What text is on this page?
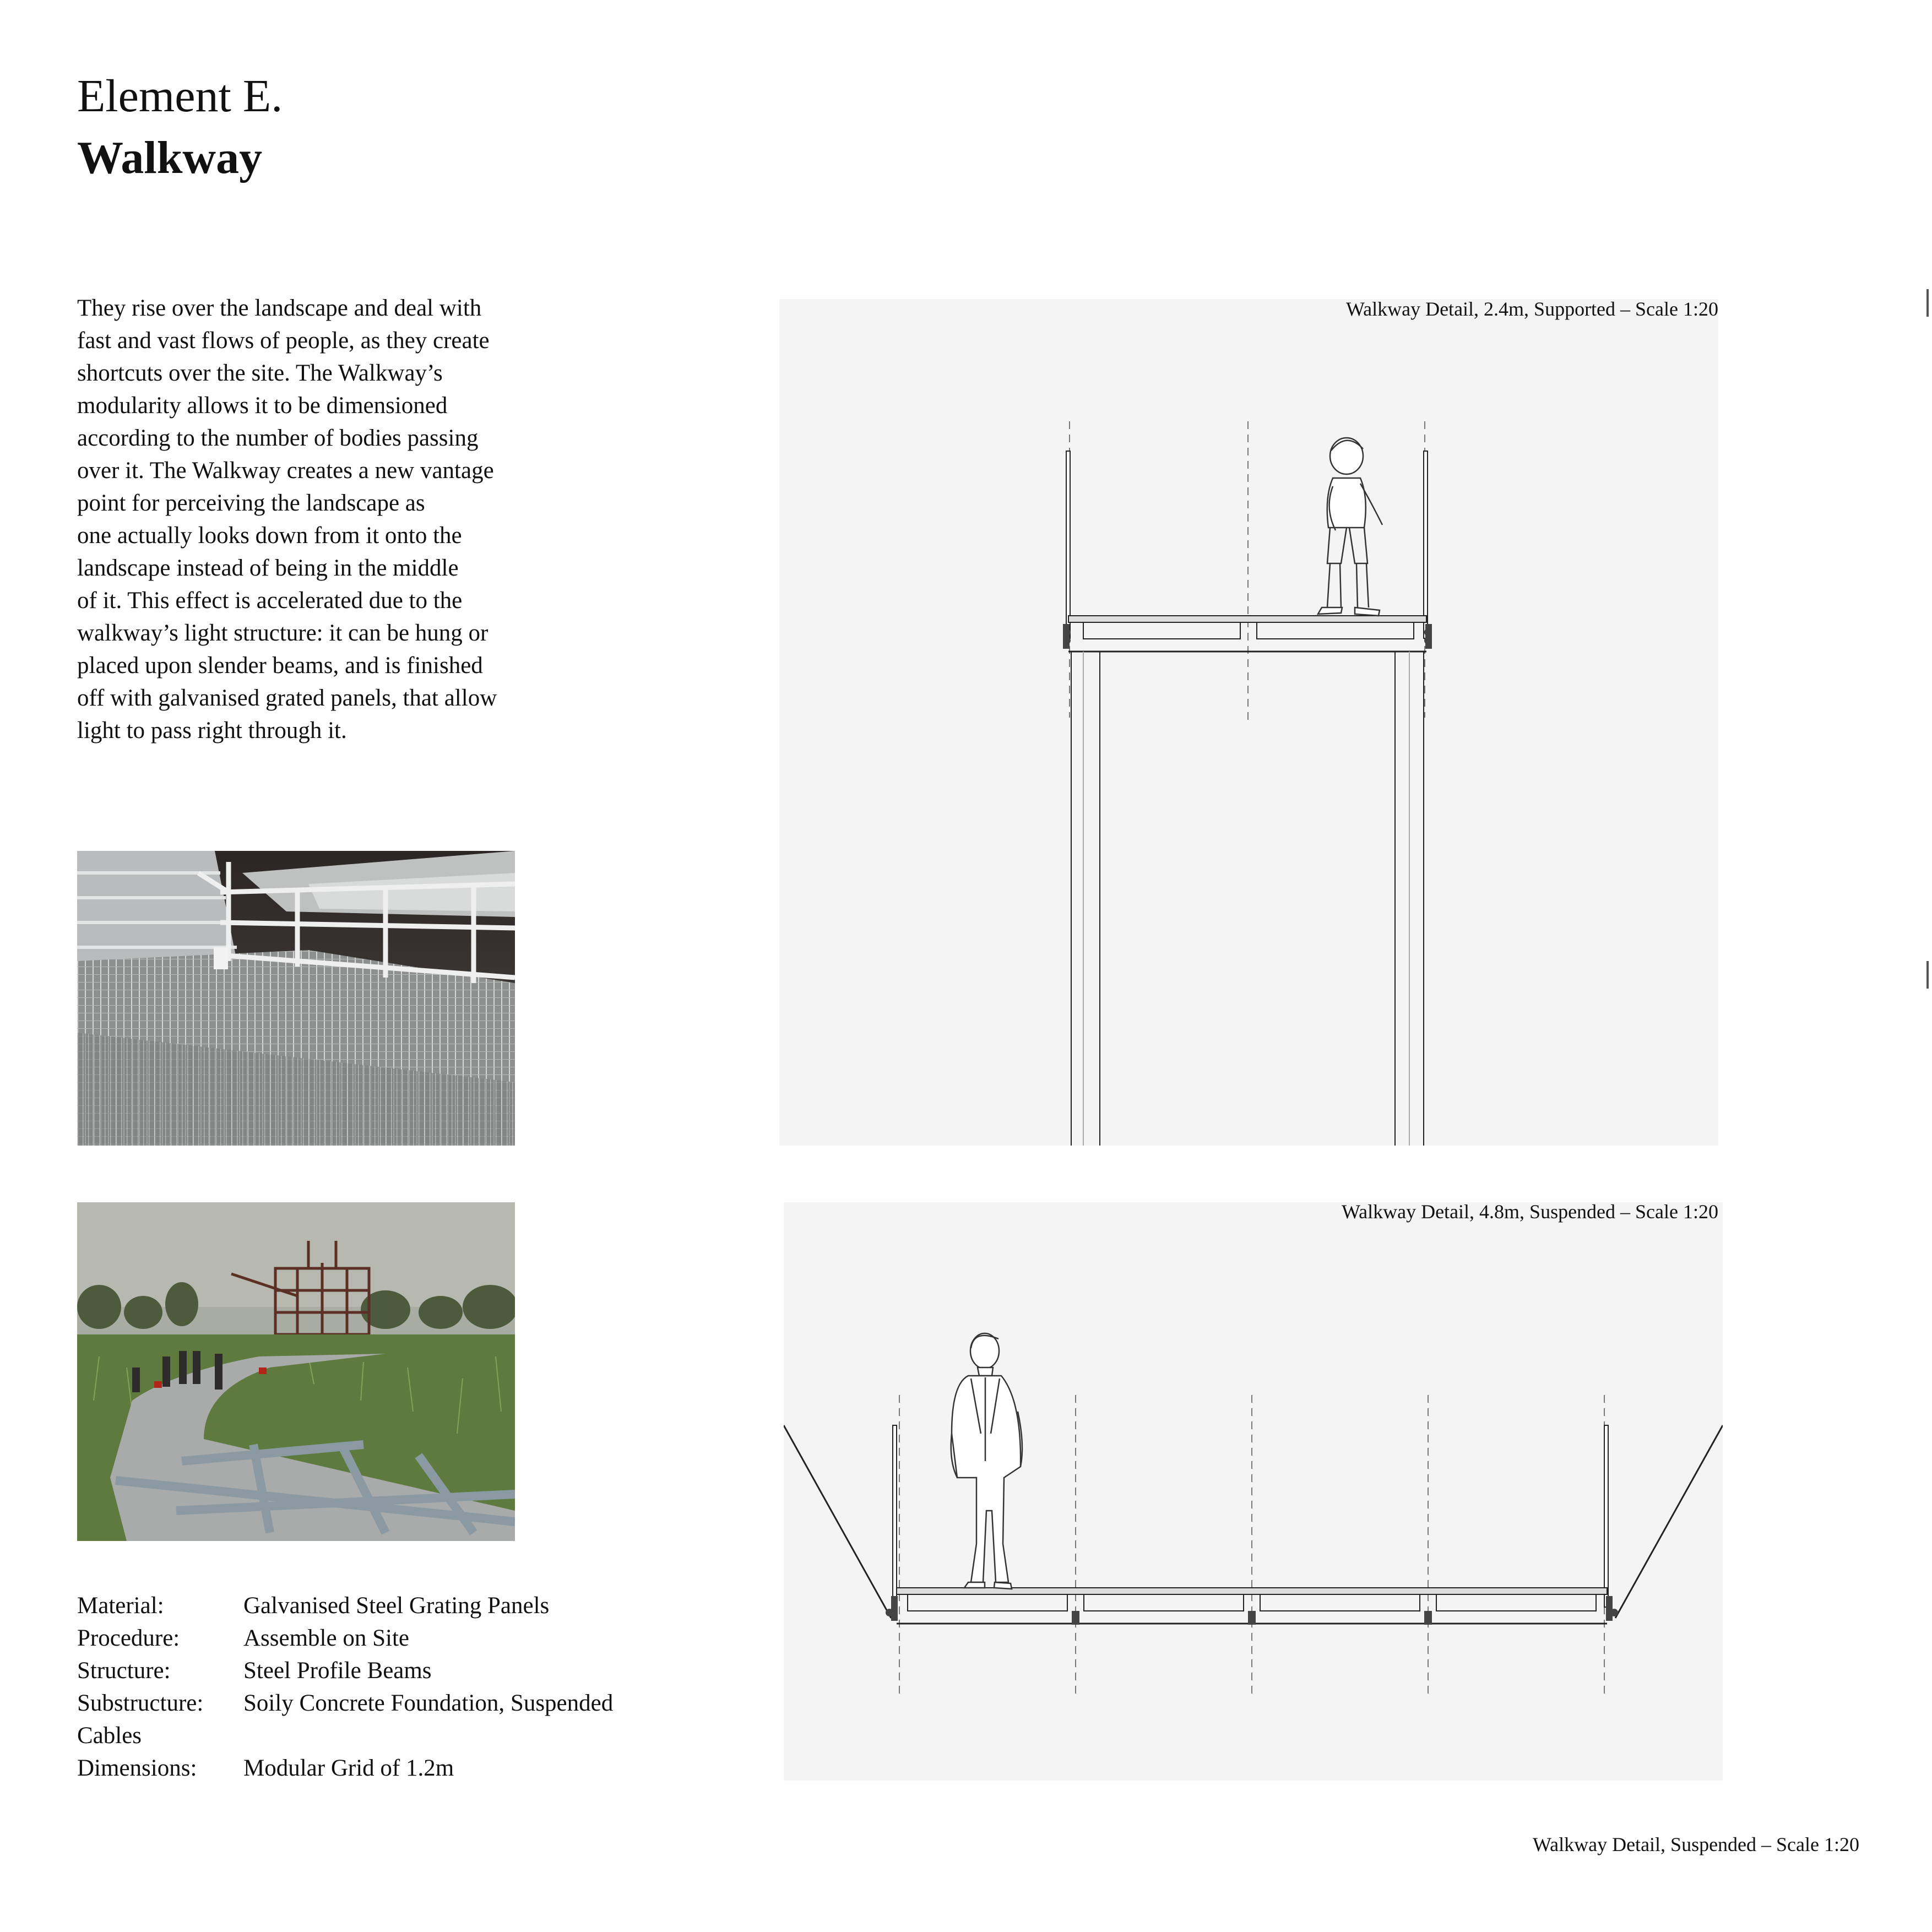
Element E.
Walkway
They rise over the landscape and deal with
fast and vast flows of people, as they create
shortcuts over the site. The Walkway’s
modularity allows it to be dimensioned
according to the number of bodies passing
over it. The Walkway creates a new vantage
point for perceiving the landscape as
one actually looks down from it onto the
landscape instead of being in the middle
of it. This effect is accelerated due to the
walkway’s light structure: it can be hung or
placed upon slender beams, and is finished
off with galvanised grated panels, that allow
light to pass right through it.
Walkway Detail, 2.4m, Supported – Scale 1:20
Walkway Detail, 4.8m, Suspended – Scale 1:20
Material:	Galvanised Steel Grating Panels
Procedure:	Assemble on Site
Structure:	Steel Profile Beams
Substructure: Soily Concrete Foundation, Suspended
Cables
Dimensions: Modular Grid of 1.2m
Walkway Detail, Suspended – Scale 1:20
